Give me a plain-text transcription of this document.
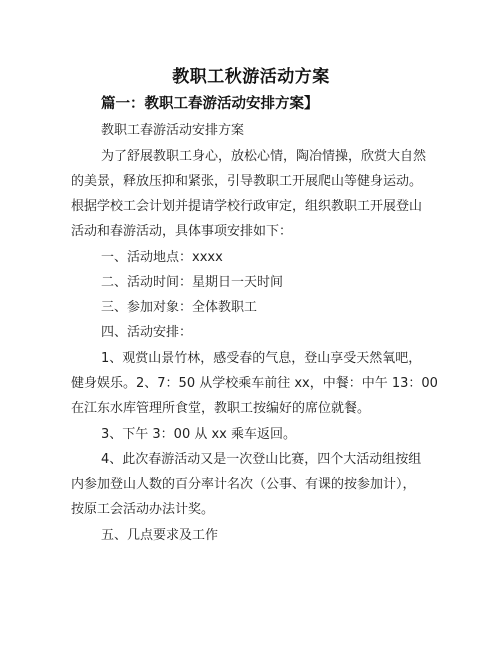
教职工秋游活动方案
篇一：教职工春游活动安排方案】
教职工春游活动安排方案
为了舒展教职工身心，放松心情，陶冶情操，欣赏大自然
的美景，释放压抑和紧张，引导教职工开展爬山等健身运动。
根据学校工会计划并提请学校行政审定，组织教职工开展登山
活动和春游活动，具体事项安排如下：
一、活动地点：xxxx
二、活动时间：星期日一天时间
三、参加对象：全体教职工
四、活动安排：
1、观赏山景竹林，感受春的气息，登山享受天然氧吧，
健身娱乐。2、7：50 从学校乘车前往 xx，中餐：中午 13：00
在江东水库管理所食堂，教职工按编好的席位就餐。
3、下午 3：00 从 xx 乘车返回。
4、此次春游活动又是一次登山比赛，四个大活动组按组
内参加登山人数的百分率计名次（公事、有课的按参加计），
按原工会活动办法计奖。
五、几点要求及工作
